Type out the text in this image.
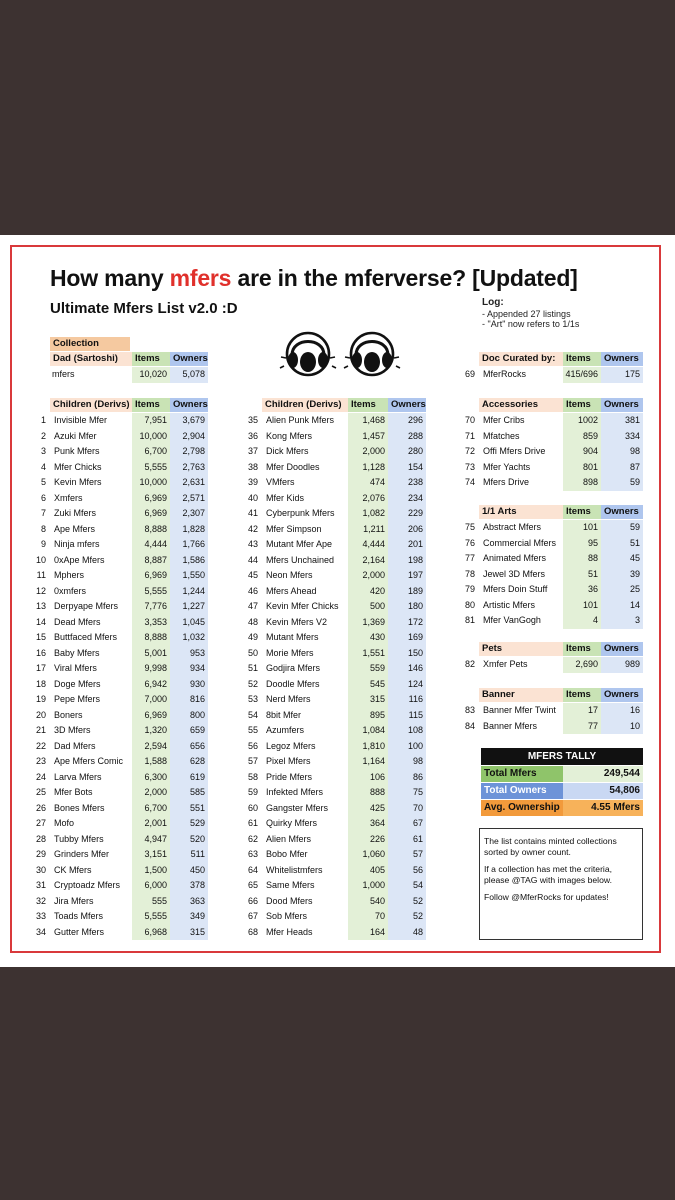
How many mfers are in the mferverse? [Updated]
Ultimate Mfers List v2.0 :D	Log:
- Appended 27 listings
- "Art" now refers to 1/1s
Collection
Dad (Sartoshi)	Items	Owners
mfers	10,020	5,078
Children (Derivs) Items	Owners
1 Invisible Mfer	7,951	3,679
2 Azuki Mfer	10,000	2,904
3 Punk Mfers	6,700	2,798
4 Mfer Chicks	5,555	2,763
5 Kevin Mfers	10,000	2,631
6 Xmfers	6,969	2,571
7 Zuki Mfers	6,969	2,307
8 Ape Mfers	8,888	1,828
9 Ninja mfers	4,444	1,766
10 0xApe Mfers	8,887	1,586
11 Mphers	6,969	1,550
12 0xmfers	5,555	1,244
13 Derpyape Mfers	7,776	1,227
14 Dead Mfers	3,353	1,045
15 Buttfaced Mfers	8,888	1,032
16 Baby Mfers	5,001	953
17 Viral Mfers	9,998	934
18 Doge Mfers	6,942	930
19 Pepe Mfers	7,000	816
20 Boners	6,969	800
21 3D Mfers	1,320	659
22 Dad Mfers	2,594	656
23 Ape Mfers Comic	1,588	628
24 Larva Mfers	6,300	619
25 Mfer Bots	2,000	585
26 Bones Mfers	6,700	551
27 Mofo	2,001	529
28 Tubby Mfers	4,947	520
29 Grinders Mfer	3,151	511
30 CK Mfers	1,500	450
31 Cryptoadz Mfers	6,000	378
32 Jira Mfers	555	363
33 Toads Mfers	5,555	349
34 Gutter Mfers	6,968	315
Children (Derivs) Items	Owners
35 Alien Punk Mfers	1,468	296
36 Kong Mfers	1,457	288
37 Dick Mfers	2,000	280
38 Mfer Doodles	1,128	154
39 VMfers	474	238
40 Mfer Kids	2,076	234
41 Cyberpunk Mfers	1,082	229
42 Mfer Simpson	1,211	206
43 Mutant Mfer Ape	4,444	201
44 Mfers Unchained	2,164	198
45 Neon Mfers	2,000	197
46 Mfers Ahead	420	189
47 Kevin Mfer Chicks	500	180
48 Kevin Mfers V2	1,369	172
49 Mutant Mfers	430	169
50 Morie Mfers	1,551	150
51 Godjira Mfers	559	146
52 Doodle Mfers	545	124
53 Nerd Mfers	315	116
54 8bit Mfer	895	115
55 Azumfers	1,084	108
56 Legoz Mfers	1,810	100
57 Pixel Mfers	1,164	98
58 Pride Mfers	106	86
59 Infekted Mfers	888	75
60 Gangster Mfers	425	70
61 Quirky Mfers	364	67
62 Alien Mfers	226	61
63 Bobo Mfer	1,060	57
64 Whitelistmfers	405	56
65 Same Mfers	1,000	54
66 Dood Mfers	540	52
67 Sob Mfers	70	52
68 Mfer Heads	164	48
Doc Curated by:	Items	Owners
69 MferRocks	415/696	175
Accessories	Items	Owners
70 Mfer Cribs	1002	381
71 Mfatches	859	334
72 Offi Mfers Drive	904	98
73 Mfer Yachts	801	87
74 Mfers Drive	898	59
1/1 Arts	Items	Owners
75 Abstract Mfers	101	59
76 Commercial Mfers	95	51
77 Animated Mfers	88	45
78 Jewel 3D Mfers	51	39
79 Mfers Doin Stuff	36	25
80 Artistic Mfers	101	14
81 Mfer VanGogh	4	3
Pets	Items	Owners
82 Xmfer Pets	2,690	989
Banner	Items	Owners
83 Banner Mfer Twint	17	16
84 Banner Mfers	77	10
MFERS TALLY
Total Mfers	249,544
Total Owners	54,806
Avg. Ownership	4.55 Mfers

The list contains minted collections sorted by owner count.

If a collection has met the criteria, please @TAG with images below.

Follow @MferRocks for updates!
